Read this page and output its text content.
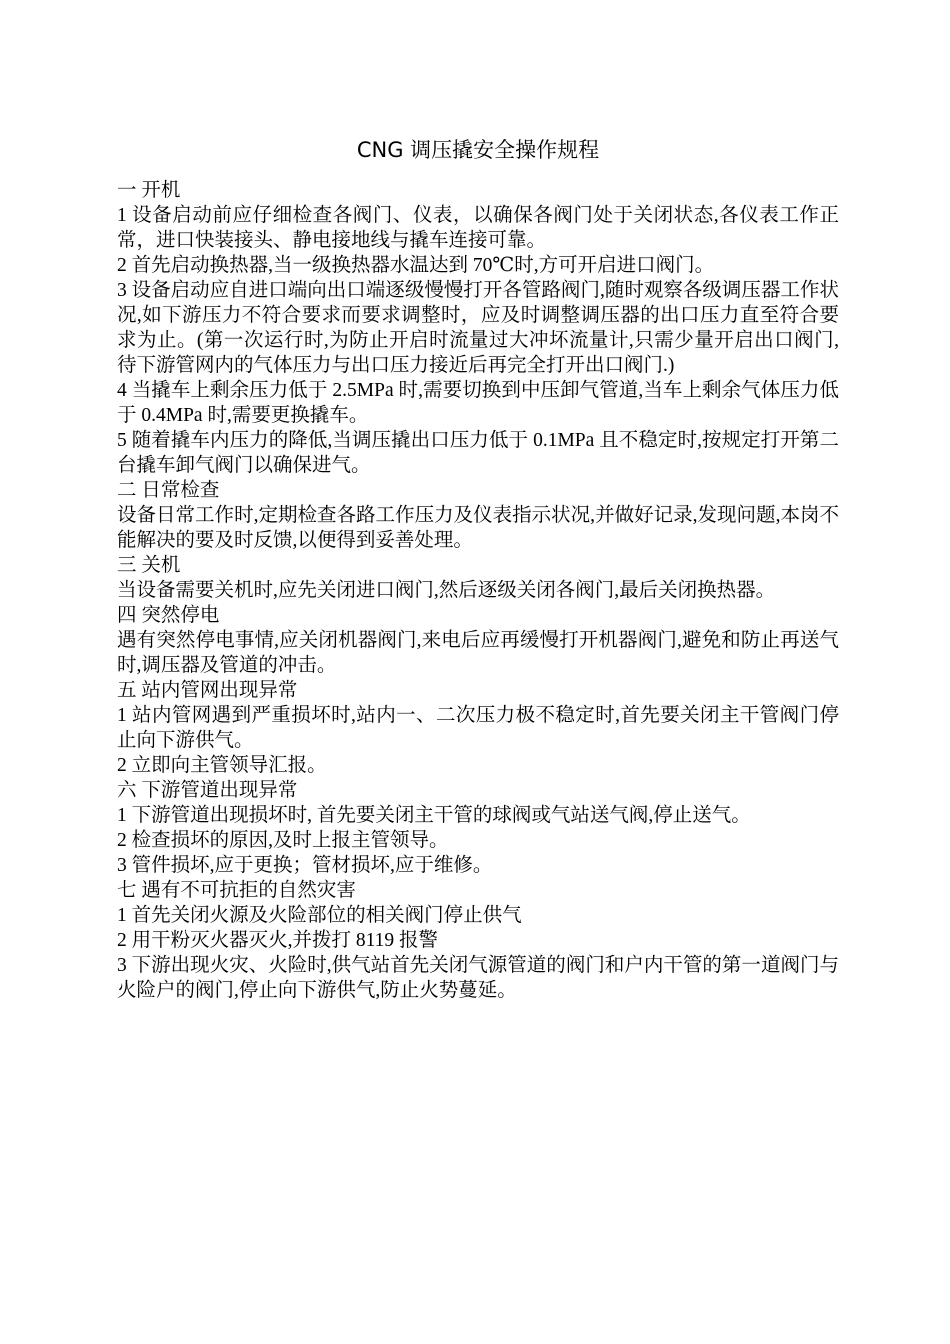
CNG 调压撬安全操作规程

一 开机

1 设备启动前应仔细检查各阀门、仪表，以确保各阀门处于关闭状态,各仪表工作正常，进口快装接头、静电接地线与撬车连接可靠。

2 首先启动换热器,当一级换热器水温达到 70℃时,方可开启进口阀门。

3 设备启动应自进口端向出口端逐级慢慢打开各管路阀门,随时观察各级调压器工作状况,如下游压力不符合要求而要求调整时，应及时调整调压器的出口压力直至符合要求为止。(第一次运行时,为防止开启时流量过大冲坏流量计,只需少量开启出口阀门,待下游管网内的气体压力与出口压力接近后再完全打开出口阀门.)

4 当撬车上剩余压力低于 2.5MPa 时,需要切换到中压卸气管道,当车上剩余气体压力低于 0.4MPa 时,需要更换撬车。

5 随着撬车内压力的降低,当调压撬出口压力低于 0.1MPa 且不稳定时,按规定打开第二台撬车卸气阀门以确保进气。

二 日常检查

设备日常工作时,定期检查各路工作压力及仪表指示状况,并做好记录,发现问题,本岗不能解决的要及时反馈,以便得到妥善处理。

三 关机

当设备需要关机时,应先关闭进口阀门,然后逐级关闭各阀门,最后关闭换热器。

四 突然停电

遇有突然停电事情,应关闭机器阀门,来电后应再缓慢打开机器阀门,避免和防止再送气时,调压器及管道的冲击。

五 站内管网出现异常

1 站内管网遇到严重损坏时,站内一、二次压力极不稳定时,首先要关闭主干管阀门停止向下游供气。

2 立即向主管领导汇报。

六 下游管道出现异常

1 下游管道出现损坏时, 首先要关闭主干管的球阀或气站送气阀,停止送气。

2 检查损坏的原因,及时上报主管领导。

3 管件损坏,应于更换；管材损坏,应于维修。

七 遇有不可抗拒的自然灾害

1 首先关闭火源及火险部位的相关阀门停止供气

2 用干粉灭火器灭火,并拨打 8119 报警

3 下游出现火灾、火险时,供气站首先关闭气源管道的阀门和户内干管的第一道阀门与火险户的阀门,停止向下游供气,防止火势蔓延。
